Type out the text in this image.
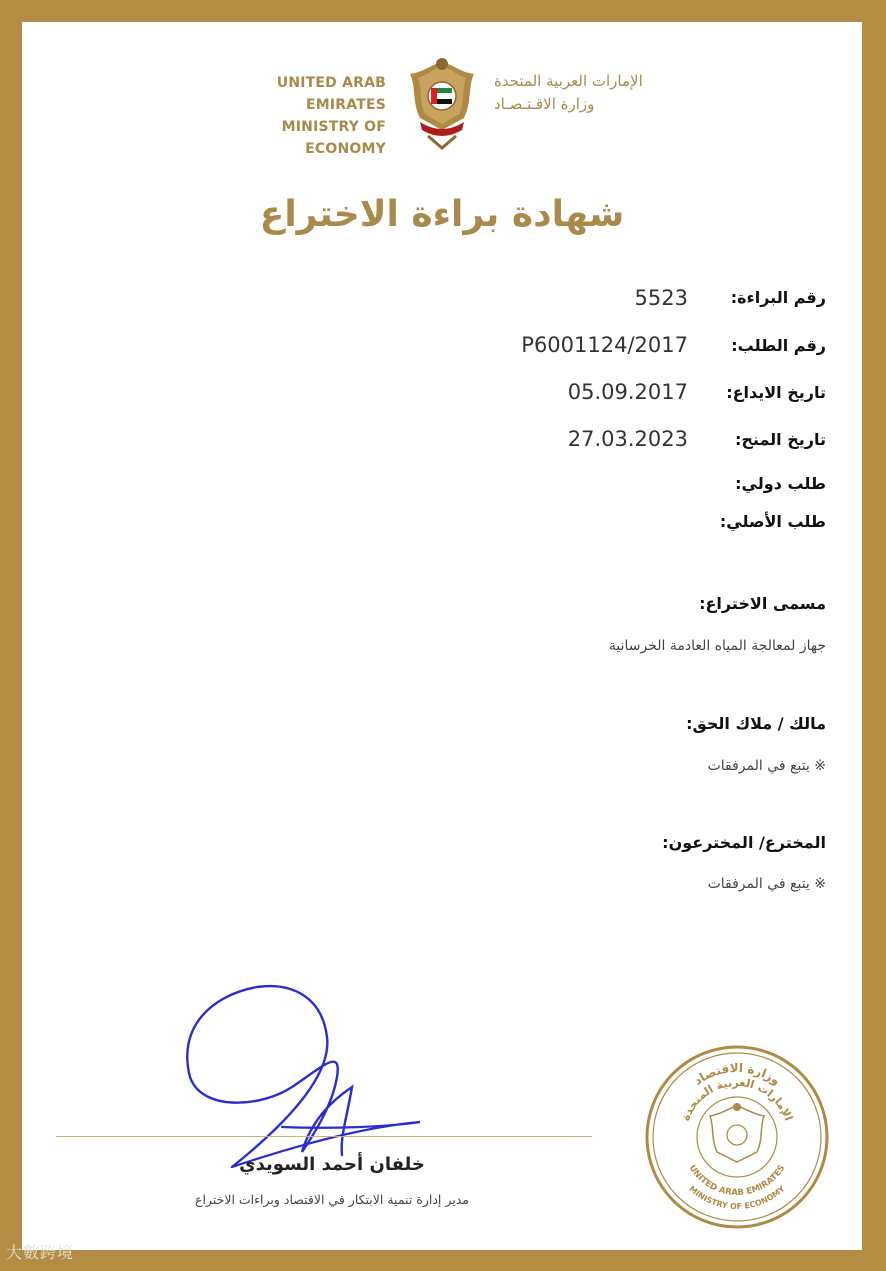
UNITED ARAB EMIRATES
MINISTRY OF ECONOMY
الإمارات العربية المتحدة
وزارة الاقـتـصـاد
شهادة براءة الاختراع
رقم البراءة:
5523
رقم الطلب:
P6001124/2017
تاريخ الايداع:
05.09.2017
تاريخ المنح:
27.03.2023
طلب دولي:
طلب الأصلي:
مسمى الاختراع:
جهاز لمعالجة المياه العادمة الخرسانية
مالك / ملاك الحق:
※ يتبع في المرفقات
المخترع/ المخترعون:
※ يتبع في المرفقات
خلفان أحمد السويدي
مدير إدارة تنمية الابتكار في الاقتصاد وبراءات الاختراع
وزارة الاقتصاد
الإمارات العربية المتحدة
UNITED ARAB EMIRATES
MINISTRY OF ECONOMY
大數跨境
